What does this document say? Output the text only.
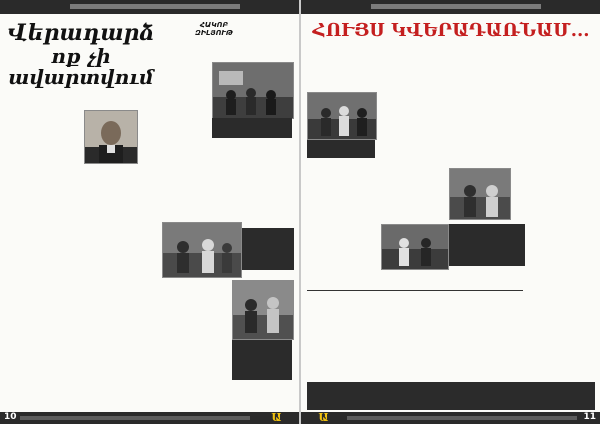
Վերադարձ
ոք չի ավարտվում
ՀԱԿՈԲ
ԶԻԼՅՈՒԹ
10	Ա
ՀՈՒՅՍ ԿՎԵՐԱԴԱՌՆԱՄ...
Ա	11
